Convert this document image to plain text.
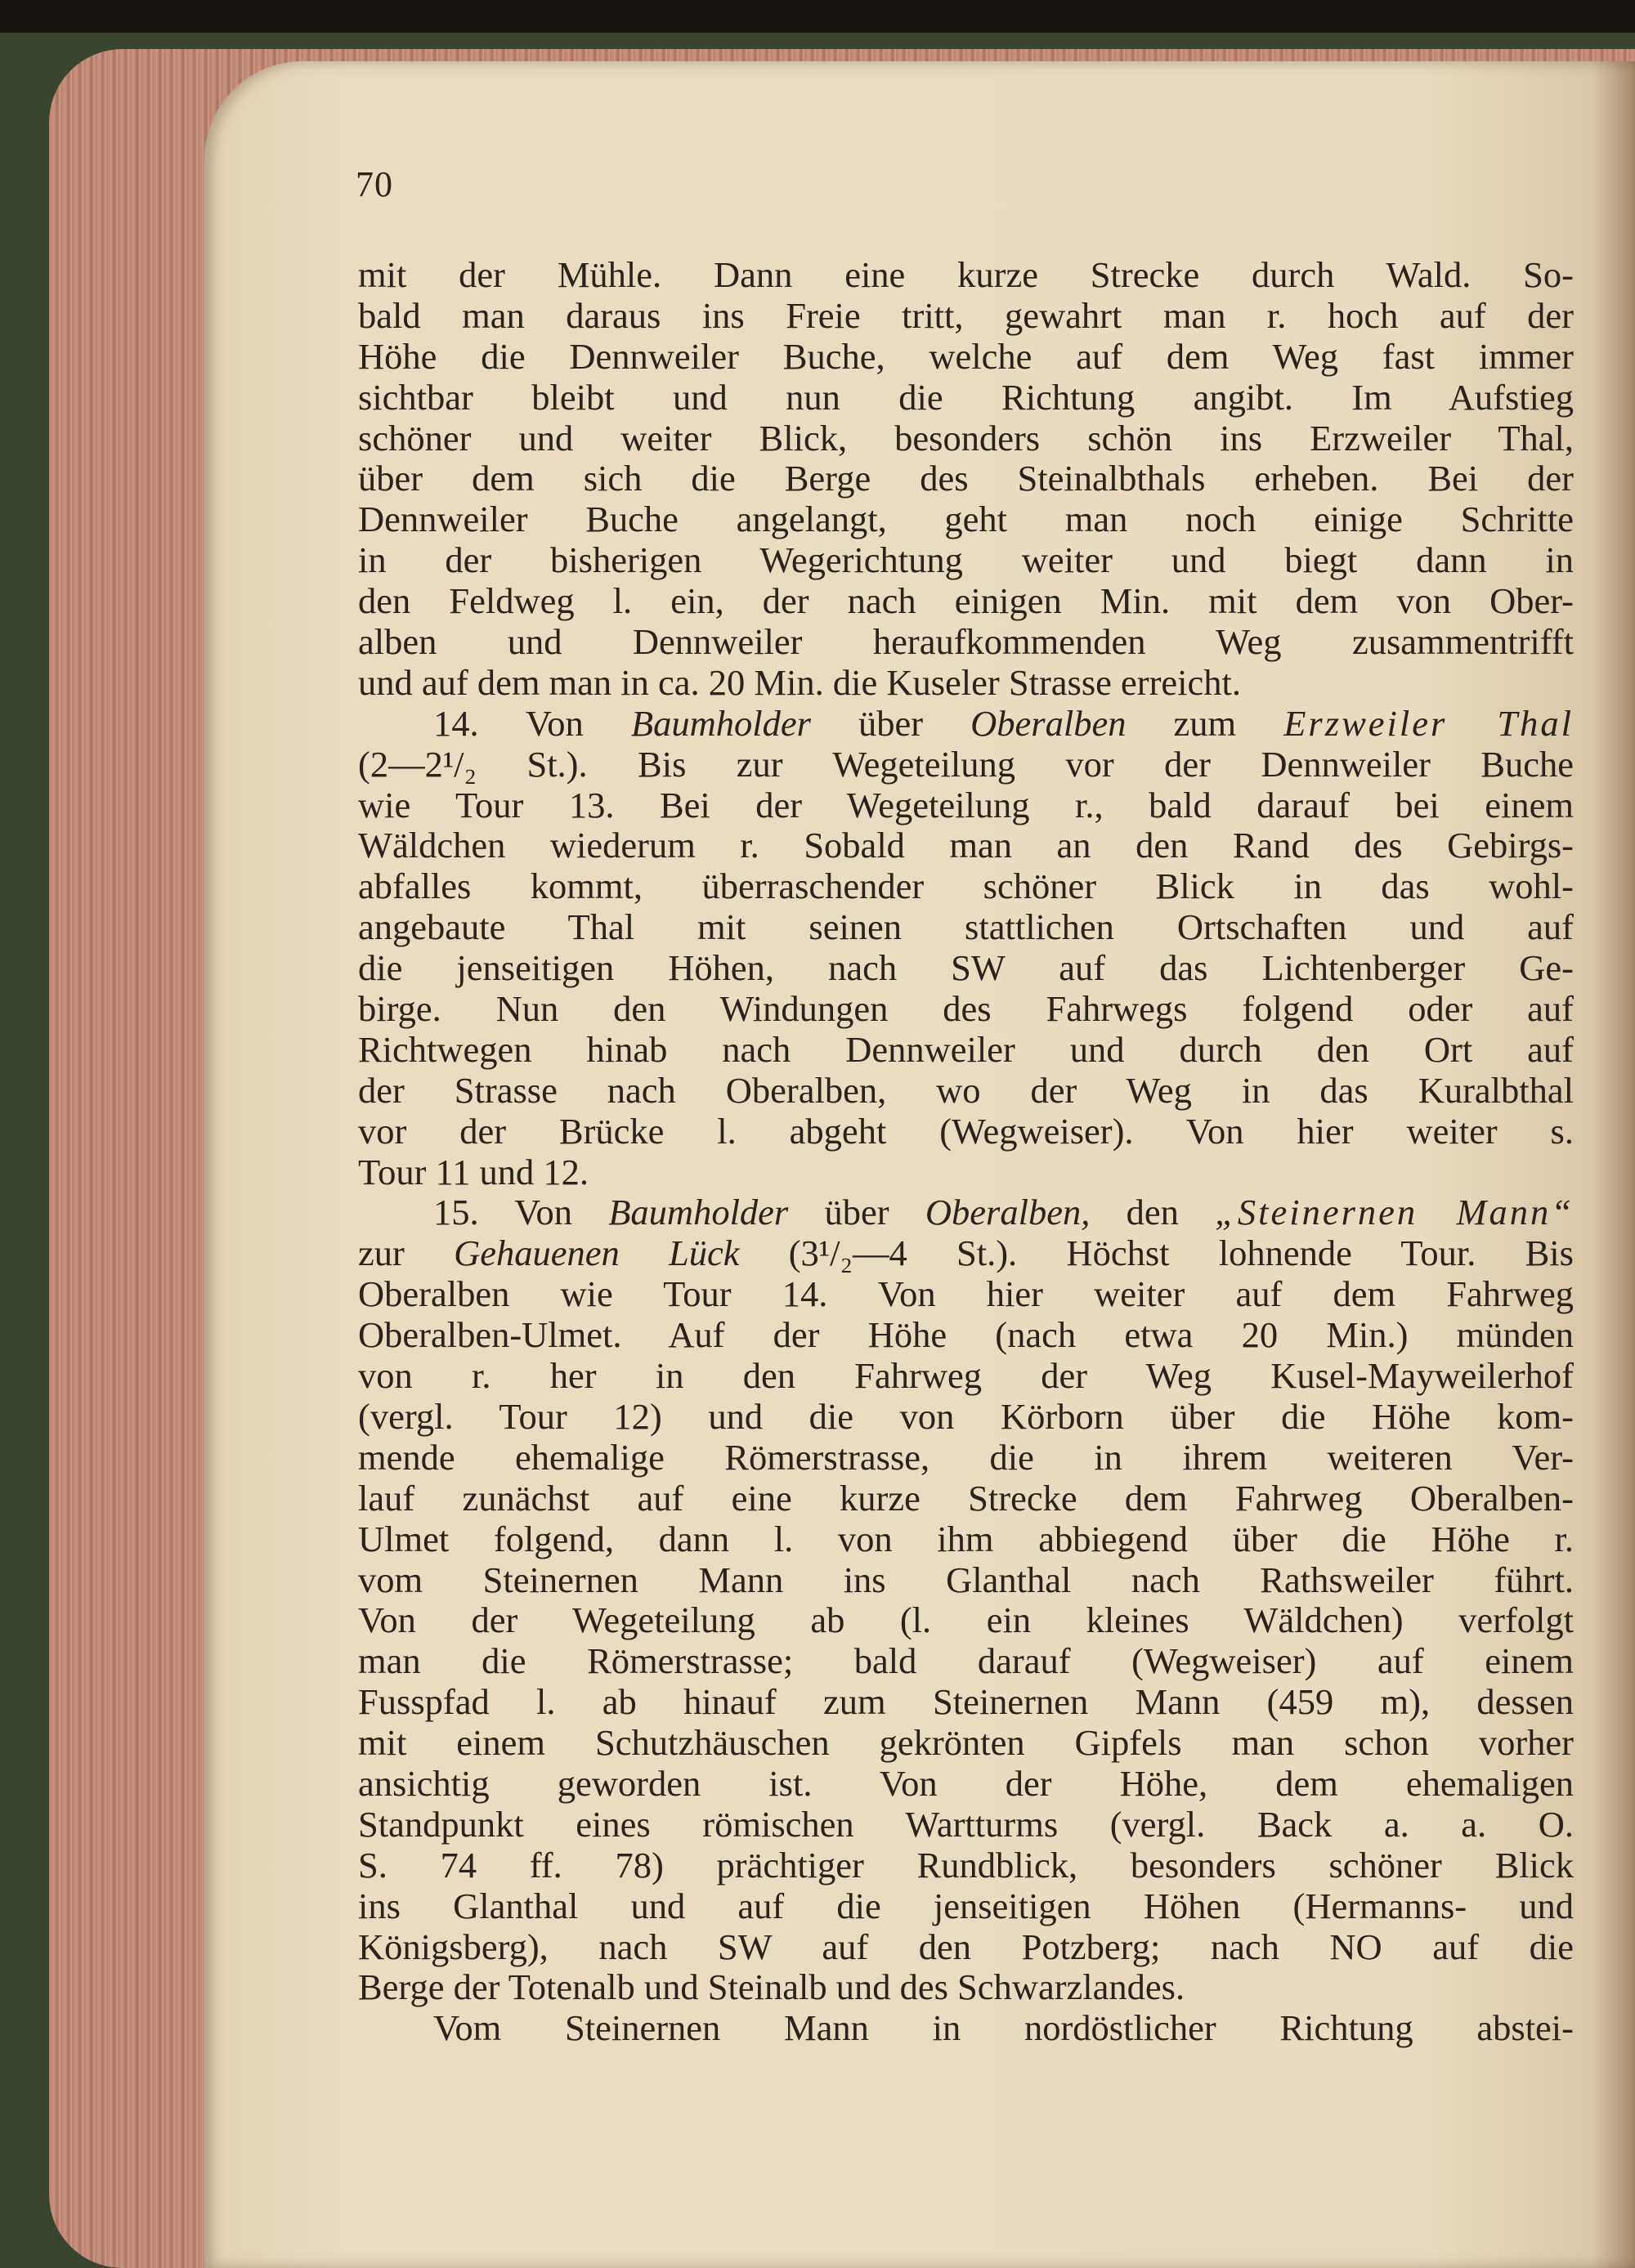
70
mit der Mühle. Dann eine kurze Strecke durch Wald. So-
bald man daraus ins Freie tritt, gewahrt man r. hoch auf der
Höhe die Dennweiler Buche, welche auf dem Weg fast immer
sichtbar bleibt und nun die Richtung angibt. Im Aufstieg
schöner und weiter Blick, besonders schön ins Erzweiler Thal,
über dem sich die Berge des Steinalbthals erheben. Bei der
Dennweiler Buche angelangt, geht man noch einige Schritte
in der bisherigen Wegerichtung weiter und biegt dann in
den Feldweg l. ein, der nach einigen Min. mit dem von Ober-
alben und Dennweiler heraufkommenden Weg zusammentrifft
und auf dem man in ca. 20 Min. die Kuseler Strasse erreicht.
14. Von Baumholder über Oberalben zum Erzweiler Thal
(2—2¹/₂ St.). Bis zur Wegeteilung vor der Dennweiler Buche
wie Tour 13. Bei der Wegeteilung r., bald darauf bei einem
Wäldchen wiederum r. Sobald man an den Rand des Gebirgs-
abfalles kommt, überraschender schöner Blick in das wohl-
angebaute Thal mit seinen stattlichen Ortschaften und auf
die jenseitigen Höhen, nach SW auf das Lichtenberger Ge-
birge. Nun den Windungen des Fahrwegs folgend oder auf
Richtwegen hinab nach Dennweiler und durch den Ort auf
der Strasse nach Oberalben, wo der Weg in das Kuralbthal
vor der Brücke l. abgeht (Wegweiser). Von hier weiter s.
Tour 11 und 12.
15. Von Baumholder über Oberalben, den „Steinernen Mann“
zur Gehauenen Lück (3¹/₂—4 St.). Höchst lohnende Tour. Bis
Oberalben wie Tour 14. Von hier weiter auf dem Fahrweg
Oberalben-Ulmet. Auf der Höhe (nach etwa 20 Min.) münden
von r. her in den Fahrweg der Weg Kusel-Mayweilerhof
(vergl. Tour 12) und die von Körborn über die Höhe kom-
mende ehemalige Römerstrasse, die in ihrem weiteren Ver-
lauf zunächst auf eine kurze Strecke dem Fahrweg Oberalben-
Ulmet folgend, dann l. von ihm abbiegend über die Höhe r.
vom Steinernen Mann ins Glanthal nach Rathsweiler führt.
Von der Wegeteilung ab (l. ein kleines Wäldchen) verfolgt
man die Römerstrasse; bald darauf (Wegweiser) auf einem
Fusspfad l. ab hinauf zum Steinernen Mann (459 m), dessen
mit einem Schutzhäuschen gekrönten Gipfels man schon vorher
ansichtig geworden ist. Von der Höhe, dem ehemaligen
Standpunkt eines römischen Wartturms (vergl. Back a. a. O.
S. 74 ff. 78) prächtiger Rundblick, besonders schöner Blick
ins Glanthal und auf die jenseitigen Höhen (Hermanns- und
Königsberg), nach SW auf den Potzberg; nach NO auf die
Berge der Totenalb und Steinalb und des Schwarzlandes.
Vom Steinernen Mann in nordöstlicher Richtung abstei-
